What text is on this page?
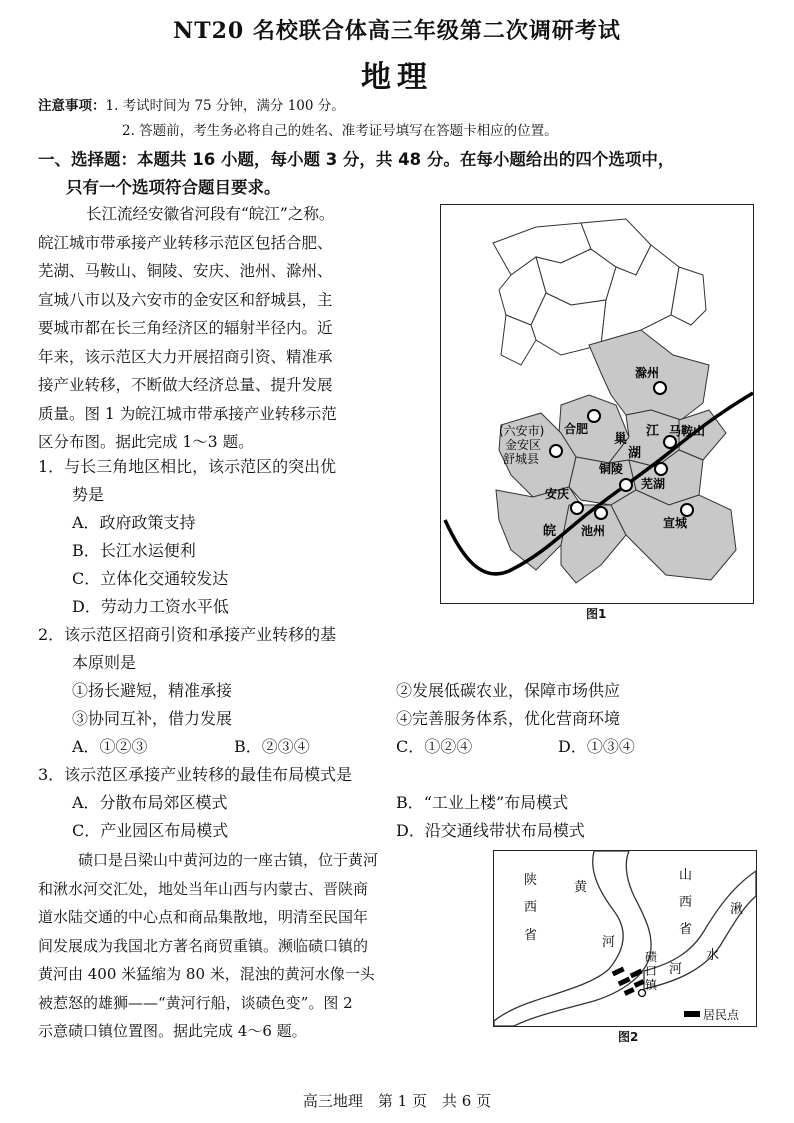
NT20 名校联合体高三年级第二次调研考试
地理
注意事项：1. 考试时间为 75 分钟，满分 100 分。
2. 答题前，考生务必将自己的姓名、准考证号填写在答题卡相应的位置。
一、选择题：本题共 16 小题，每小题 3 分，共 48 分。在每小题给出的四个选项中，
只有一个选项符合题目要求。
长江流经安徽省河段有“皖江”之称。
皖江城市带承接产业转移示范区包括合肥、
芜湖、马鞍山、铜陵、安庆、池州、滁州、
宣城八市以及六安市的金安区和舒城县，主
要城市都在长三角经济区的辐射半径内。近
年来，该示范区大力开展招商引资、精准承
接产业转移，不断做大经济总量、提升发展
质量。图 1 为皖江城市带承接产业转移示范
区分布图。据此完成 1～3 题。
滁州
合肥
(六安市)
金安区
舒城县
巢
湖
江 马鞍山
铜陵
芜湖
安庆
皖 池州
宣城
图1
1．与长三角地区相比，该示范区的突出优
势是
A．政府政策支持
B．长江水运便利
C．立体化交通较发达
D．劳动力工资水平低
2．该示范区招商引资和承接产业转移的基
本原则是
①扬长避短，精准承接	②发展低碳农业，保障市场供应
③协同互补，借力发展	④完善服务体系，优化营商环境
A．①②③	B．②③④	C．①②④	D．①③④
3．该示范区承接产业转移的最佳布局模式是
A．分散布局郊区模式	B．“工业上楼”布局模式
C．产业园区布局模式	D．沿交通线带状布局模式
碛口是吕梁山中黄河边的一座古镇，位于黄河
和湫水河交汇处，地处当年山西与内蒙古、晋陕商
道水陆交通的中心点和商品集散地，明清至民国年
间发展成为我国北方著名商贸重镇。濒临碛口镇的
黄河由 400 米猛缩为 80 米，混浊的黄河水像一头
被惹怒的雄狮——“黄河行船，谈碛色变”。图 2
示意碛口镇位置图。据此完成 4～6 题。
陕
西
省
黄
河
山
西
省
湫
水
河
碛
口
镇
居民点
图2
高三地理　第 1 页　共 6 页
